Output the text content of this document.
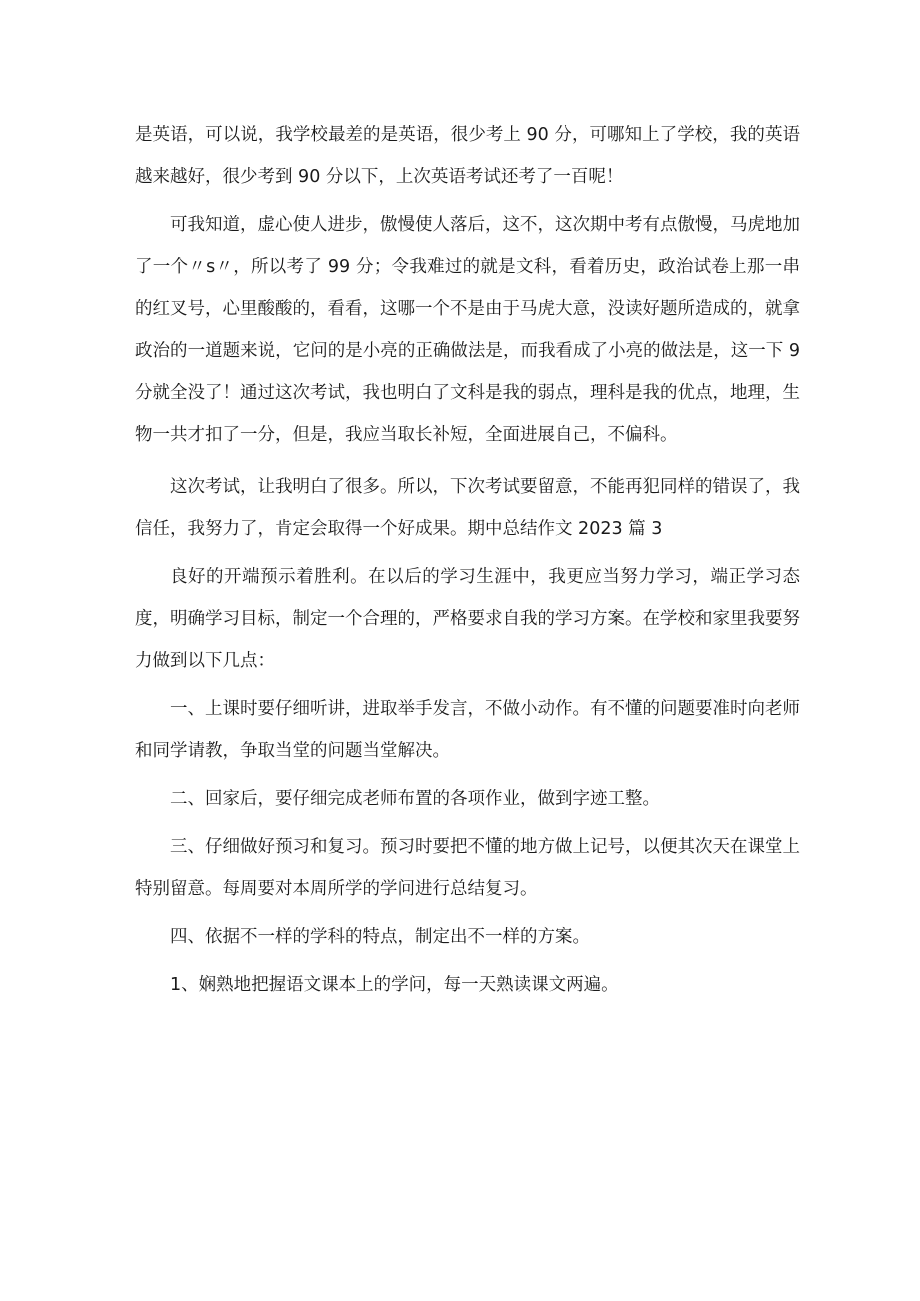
是英语，可以说，我学校最差的是英语，很少考上 90 分，可哪知上了学校，我的英语越来越好，很少考到 90 分以下，上次英语考试还考了一百呢！

可我知道，虚心使人进步，傲慢使人落后，这不，这次期中考有点傲慢，马虎地加了一个〃s〃，所以考了 99 分；令我难过的就是文科，看着历史，政治试卷上那一串的红叉号，心里酸酸的，看看，这哪一个不是由于马虎大意，没读好题所造成的，就拿政治的一道题来说，它问的是小亮的正确做法是，而我看成了小亮的做法是，这一下 9 分就全没了！通过这次考试，我也明白了文科是我的弱点，理科是我的优点，地理，生物一共才扣了一分，但是，我应当取长补短，全面进展自己，不偏科。

这次考试，让我明白了很多。所以，下次考试要留意，不能再犯同样的错误了，我信任，我努力了，肯定会取得一个好成果。期中总结作文 2023 篇 3

良好的开端预示着胜利。在以后的学习生涯中，我更应当努力学习，端正学习态度，明确学习目标，制定一个合理的，严格要求自我的学习方案。在学校和家里我要努力做到以下几点：

一、上课时要仔细听讲，进取举手发言，不做小动作。有不懂的问题要准时向老师和同学请教，争取当堂的问题当堂解决。

二、回家后，要仔细完成老师布置的各项作业，做到字迹工整。

三、仔细做好预习和复习。预习时要把不懂的地方做上记号，以便其次天在课堂上特别留意。每周要对本周所学的学问进行总结复习。

四、依据不一样的学科的特点，制定出不一样的方案。

1、娴熟地把握语文课本上的学问，每一天熟读课文两遍。
